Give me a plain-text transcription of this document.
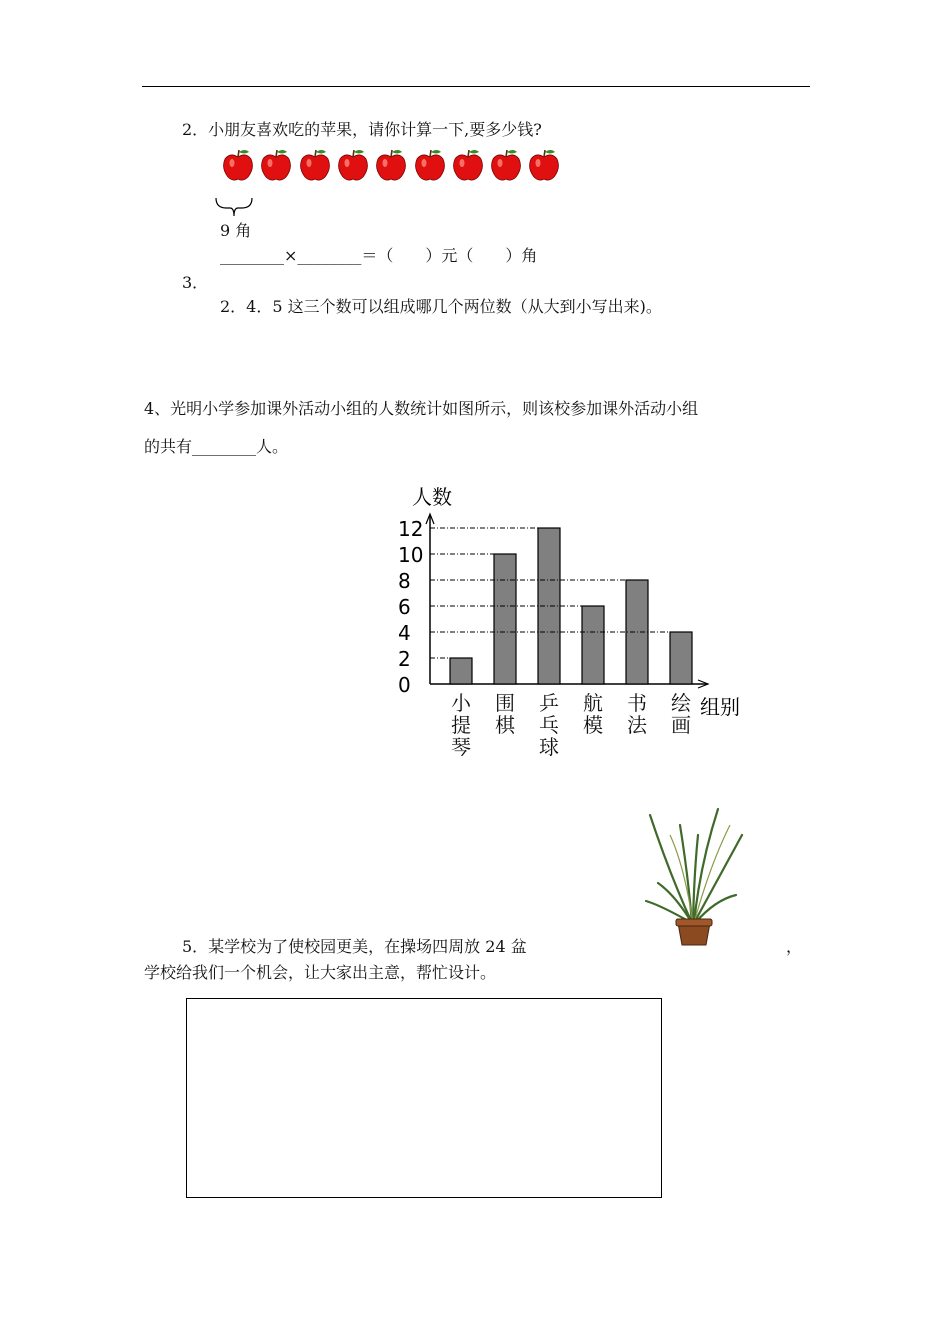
2．小朋友喜欢吃的苹果，请你计算一下,要多少钱?
9 角
________×________＝（　　）元（　　）角
3．
2．4．5 这三个数可以组成哪几个两位数（从大到小写出来)。
4、光明小学参加课外活动小组的人数统计如图所示，则该校参加课外活动小组
的共有________人。
人数
组别
0
2
4
6
8
10
12
小提琴
围棋
乒乓球
航模
书法
绘画
5．某学校为了使校园更美，在操场四周放 24 盆	，
学校给我们一个机会，让大家出主意，帮忙设计。
